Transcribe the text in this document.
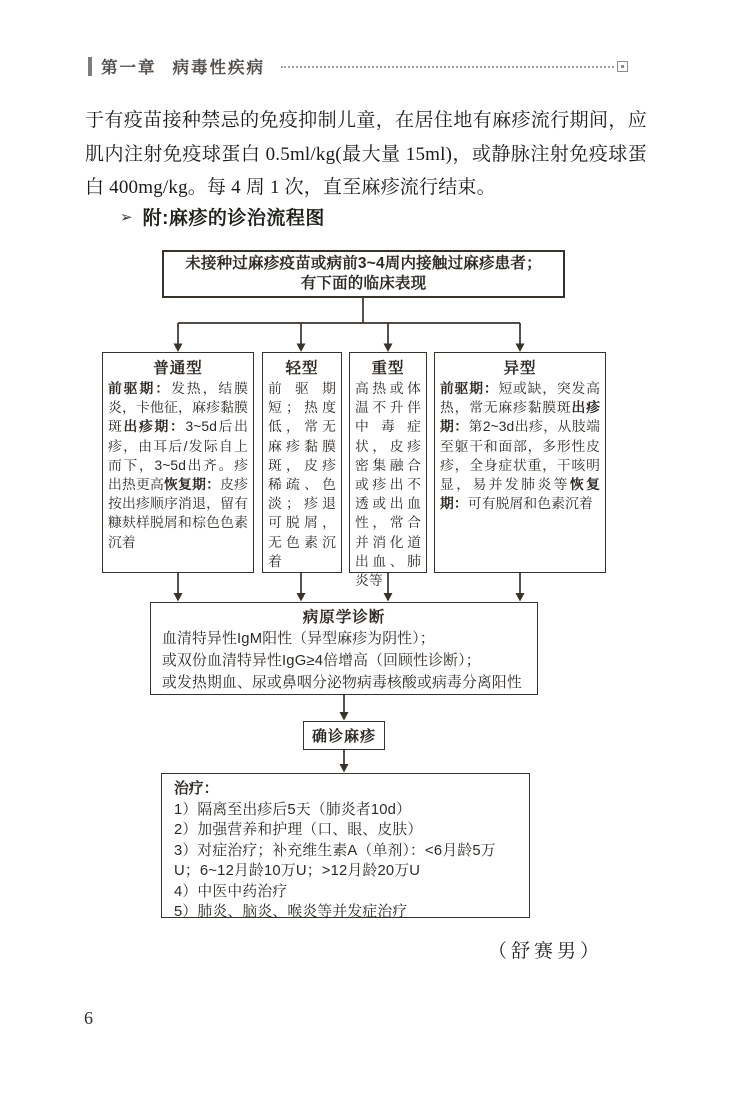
第一章 病毒性疾病

于有疫苗接种禁忌的免疫抑制儿童，在居住地有麻疹流行期间，应肌内注射免疫球蛋白 0.5ml/kg(最大量 15ml)，或静脉注射免疫球蛋白 400mg/kg。每 4 周 1 次，直至麻疹流行结束。

➢ 附:麻疹的诊治流程图
未接种过麻疹疫苗或病前3~4周内接触过麻疹患者；
有下面的临床表现
普通型
前驱期：发热，结膜炎，卡他征，麻疹黏膜斑出疹期：3~5d后出疹，由耳后/发际自上而下，3~5d出齐。疹出热更高恢复期：皮疹按出疹顺序消退，留有糠麸样脱屑和棕色色素沉着
轻型
前驱期短；热度低，常无麻疹黏膜斑，皮疹稀疏、色淡；疹退可脱屑，无色素沉着
重型
高热或体温不升伴中毒症状，皮疹密集融合或疹出不透或出血性，常合并消化道出血、肺炎等
异型
前驱期：短或缺，突发高热，常无麻疹黏膜斑出疹期：第2~3d出疹，从肢端至躯干和面部，多形性皮疹，全身症状重，干咳明显，易并发肺炎等恢复期：可有脱屑和色素沉着
病原学诊断
血清特异性IgM阳性（异型麻疹为阴性）；
或双份血清特异性IgG≥4倍增高（回顾性诊断）；
或发热期血、尿或鼻咽分泌物病毒核酸或病毒分离阳性
确诊麻疹
治疗：
1）隔离至出疹后5天（肺炎者10d）
2）加强营养和护理（口、眼、皮肤）
3）对症治疗；补充维生素A（单剂）：<6月龄5万U；6~12月龄10万U；>12月龄20万U
4）中医中药治疗
5）肺炎、脑炎、喉炎等并发症治疗
（舒赛男）
6
